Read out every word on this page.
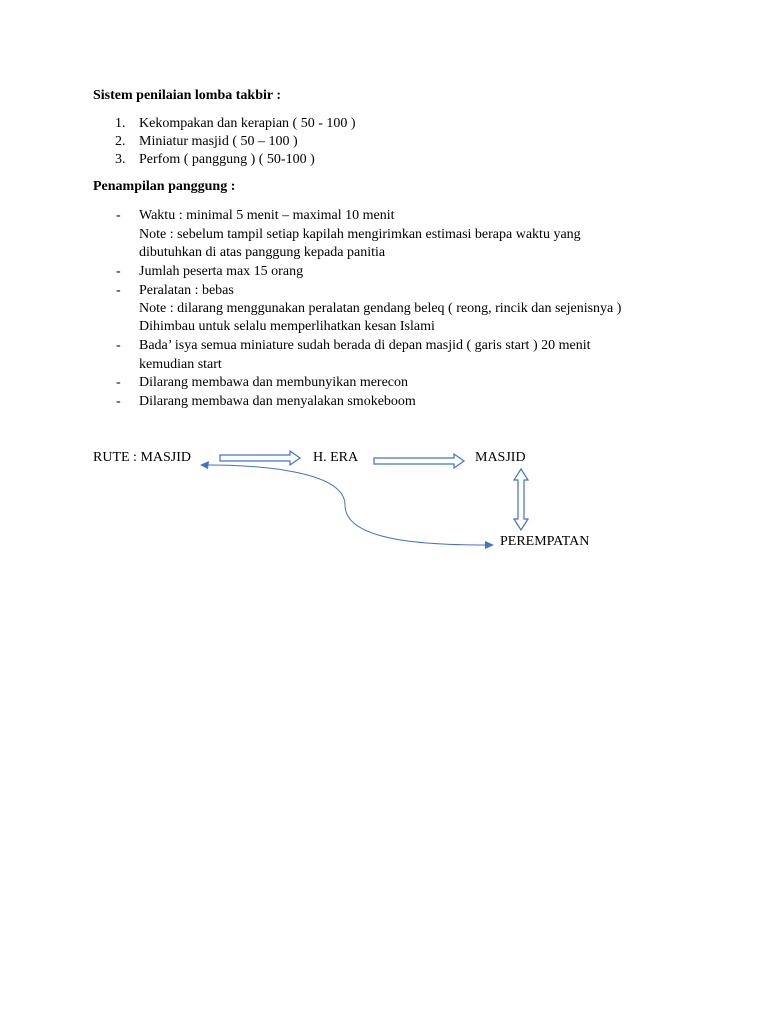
Sistem penilaian lomba takbir :
1. Kekompakan dan kerapian ( 50 - 100 )
2. Miniatur masjid ( 50 – 100 )
3. Perfom ( panggung ) ( 50-100 )
Penampilan panggung :
- Waktu : minimal 5 menit – maximal 10 menit
Note : sebelum tampil setiap kapilah mengirimkan estimasi berapa waktu yang
dibutuhkan di atas panggung kepada panitia
- Jumlah peserta max 15 orang
- Peralatan : bebas
Note : dilarang menggunakan peralatan gendang beleq ( reong, rincik dan sejenisnya )
Dihimbau untuk selalu memperlihatkan kesan Islami
- Bada’ isya semua miniature sudah berada di depan masjid ( garis start ) 20 menit
kemudian start
- Dilarang membawa dan membunyikan merecon
- Dilarang membawa dan menyalakan smokeboom
RUTE : MASJID	H. ERA	MASJID
PEREMPATAN
